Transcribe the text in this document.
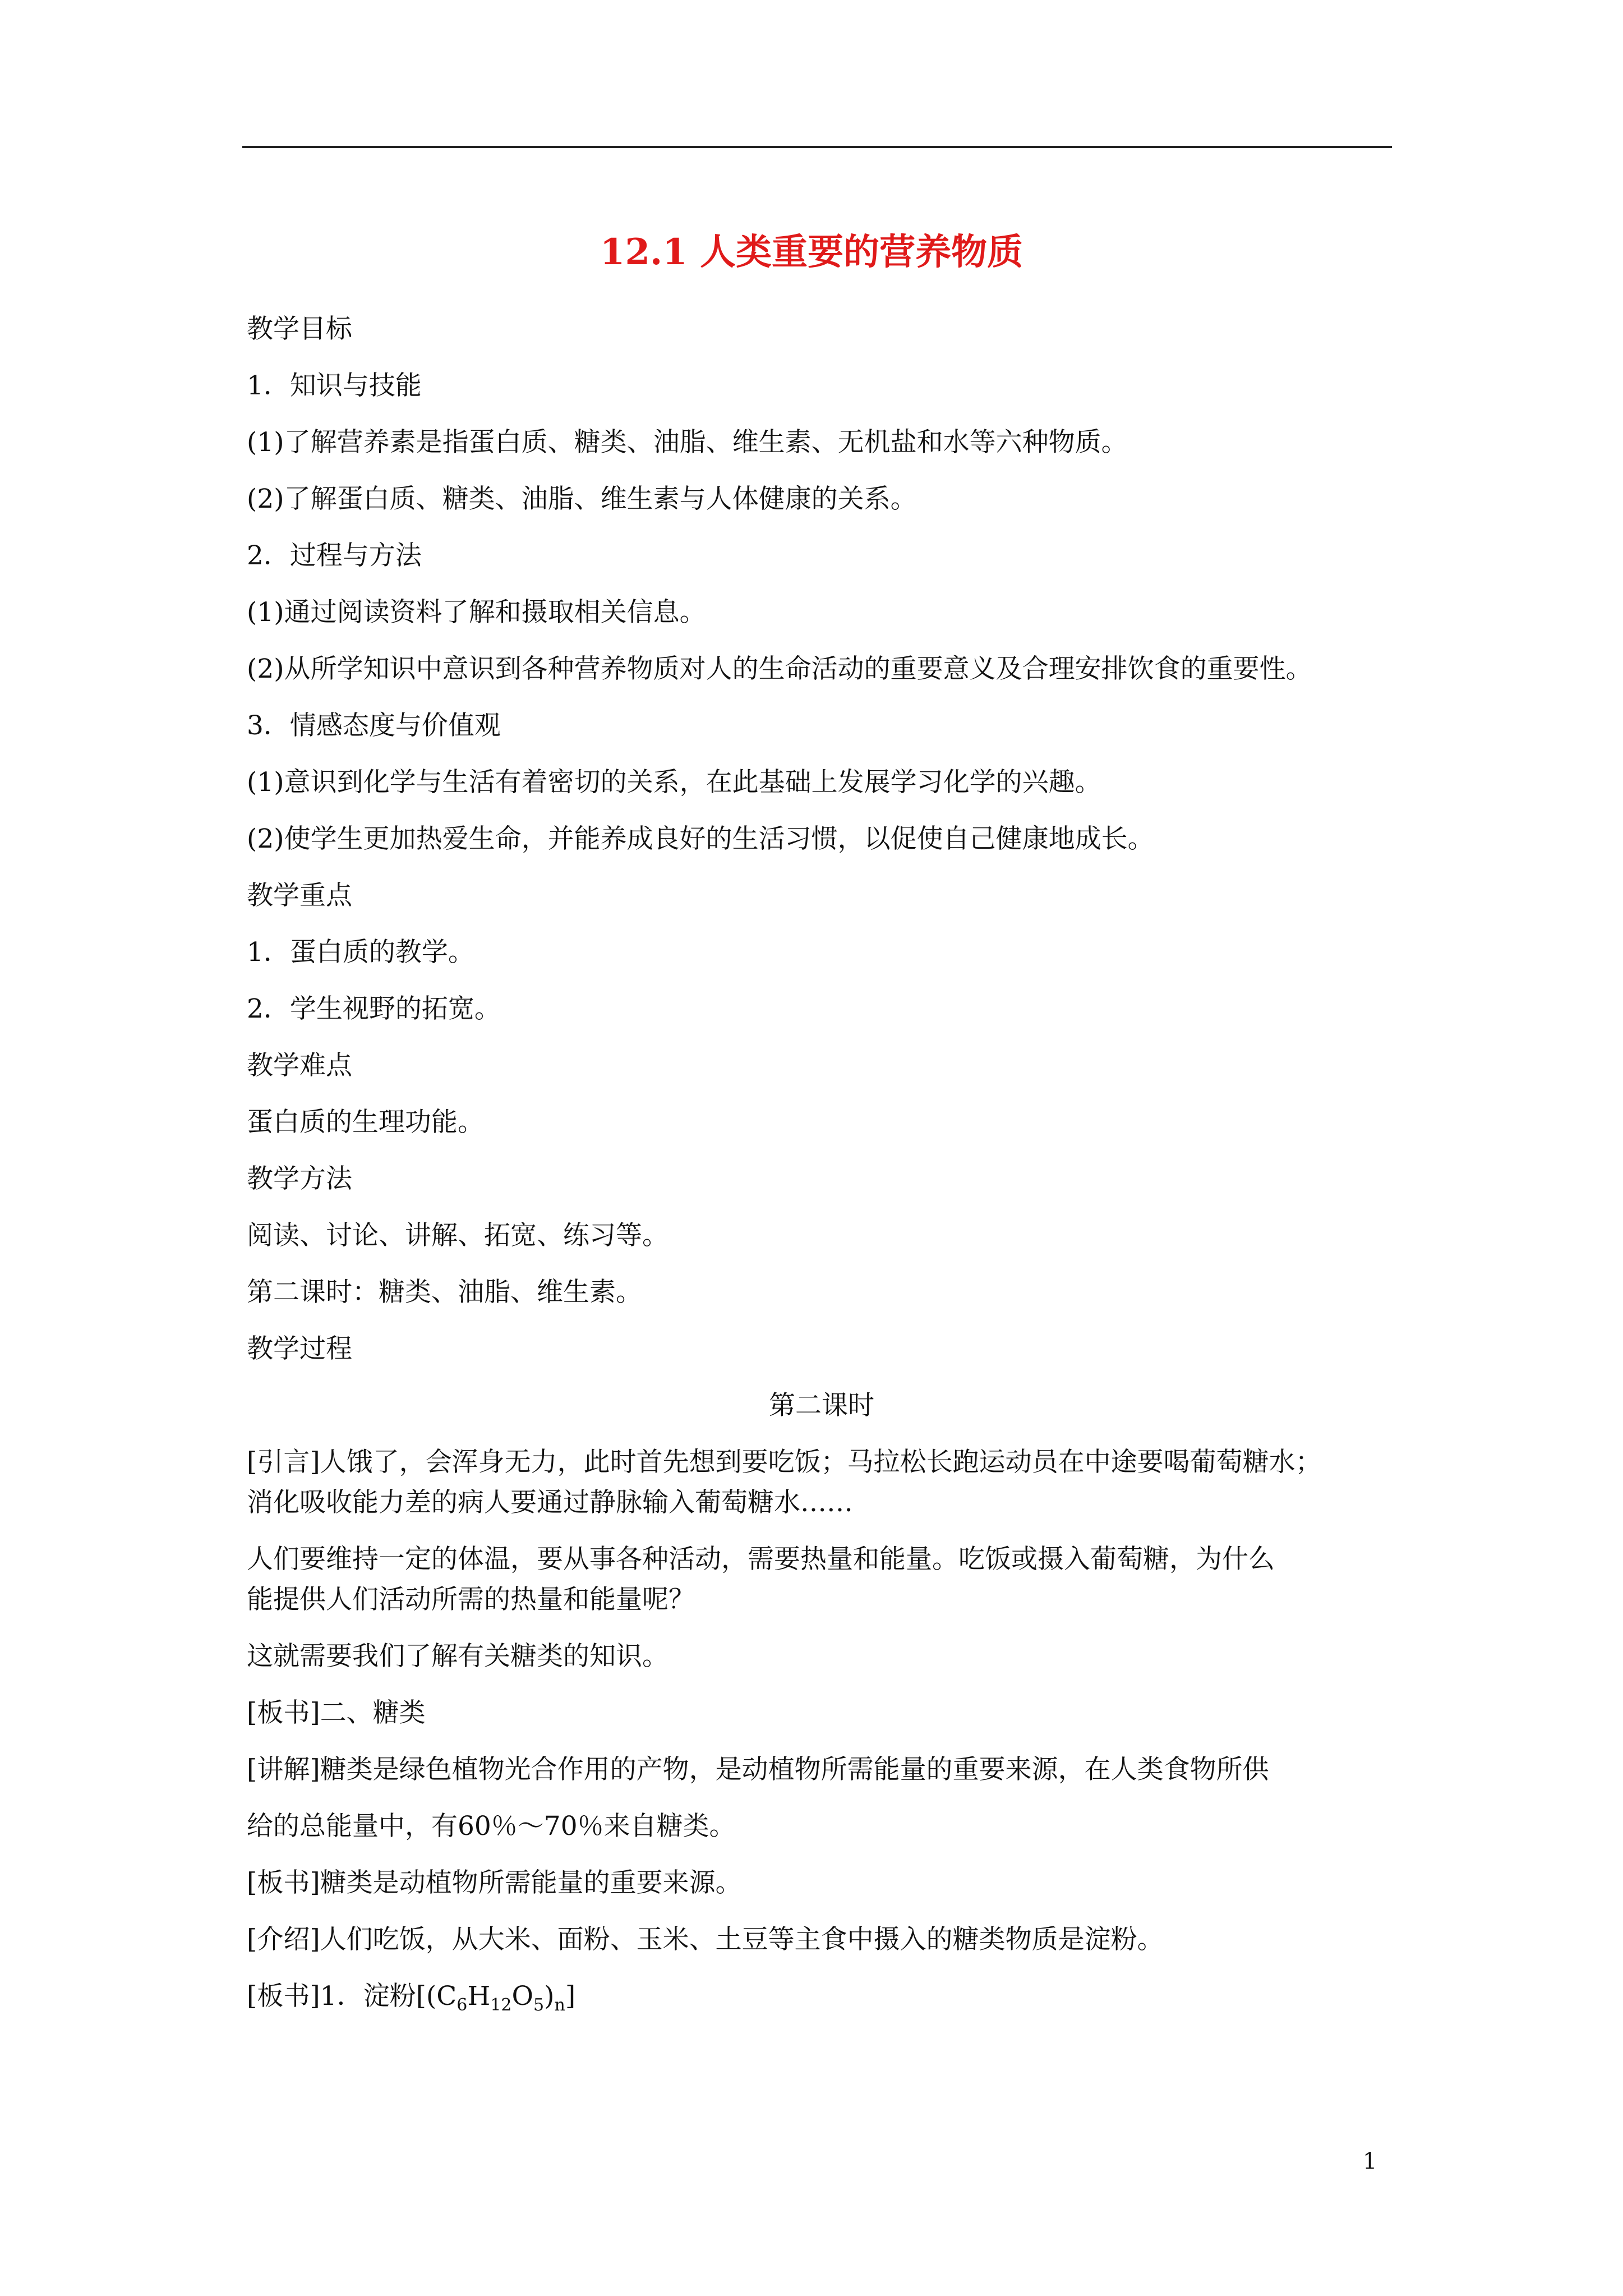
12.1 人类重要的营养物质
教学目标
1．知识与技能
(1)了解营养素是指蛋白质、糖类、油脂、维生素、无机盐和水等六种物质。
(2)了解蛋白质、糖类、油脂、维生素与人体健康的关系。
2．过程与方法
(1)通过阅读资料了解和摄取相关信息。
(2)从所学知识中意识到各种营养物质对人的生命活动的重要意义及合理安排饮食的重要性。
3．情感态度与价值观
(1)意识到化学与生活有着密切的关系，在此基础上发展学习化学的兴趣。
(2)使学生更加热爱生命，并能养成良好的生活习惯，以促使自己健康地成长。
教学重点
1．蛋白质的教学。
2．学生视野的拓宽。
教学难点
蛋白质的生理功能。
教学方法
阅读、讨论、讲解、拓宽、练习等。
第二课时：糖类、油脂、维生素。
教学过程
第二课时
[引言]人饿了，会浑身无力，此时首先想到要吃饭；马拉松长跑运动员在中途要喝葡萄糖水；
消化吸收能力差的病人要通过静脉输入葡萄糖水……
人们要维持一定的体温，要从事各种活动，需要热量和能量。吃饭或摄入葡萄糖，为什么
能提供人们活动所需的热量和能量呢？
这就需要我们了解有关糖类的知识。
[板书]二、糖类
[讲解]糖类是绿色植物光合作用的产物，是动植物所需能量的重要来源，在人类食物所供
给的总能量中，有60％～70％来自糖类。
[板书]糖类是动植物所需能量的重要来源。
[介绍]人们吃饭，从大米、面粉、玉米、土豆等主食中摄入的糖类物质是淀粉。
[板书]1．淀粉$[(C_6H_{12}O_5)_n]$
1
